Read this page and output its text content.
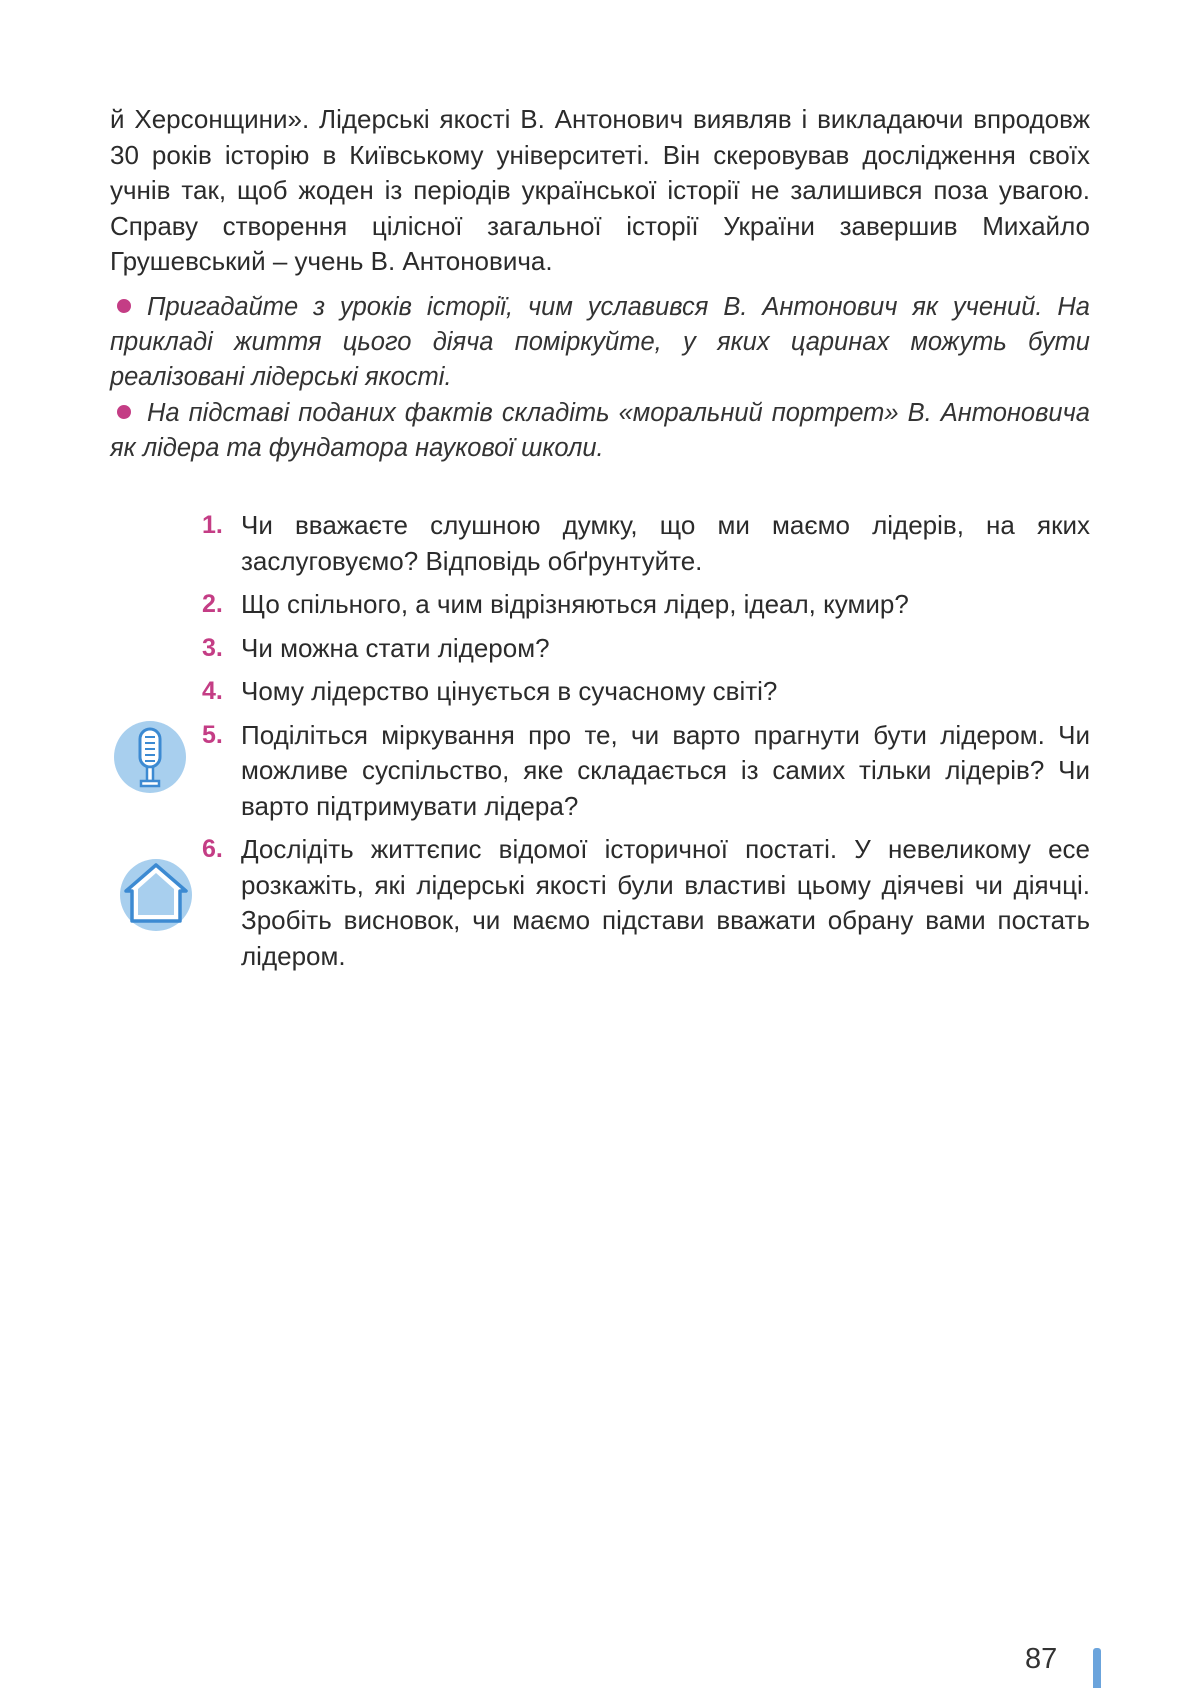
й Херсонщини». Лідерські якості В. Антонович виявляв і викладаючи впродовж 30 років історію в Київському університеті. Він скеровував дослідження своїх учнів так, щоб жоден із періодів української історії не залишився поза увагою. Справу створення цілісної загальної історії України завершив Михайло Грушевський – учень В. Антоновича.

Пригадайте з уроків історії, чим уславився В. Антонович як учений. На прикладі життя цього діяча поміркуйте, у яких царинах можуть бути реалізовані лідерські якості.

На підставі поданих фактів складіть «моральний портрет» В. Антоновича як лідера та фундатора наукової школи.

1. Чи вважаєте слушною думку, що ми маємо лідерів, на яких заслуговуємо? Відповідь обґрунтуйте.
2. Що спільного, а чим відрізняються лідер, ідеал, кумир?
3. Чи можна стати лідером?
4. Чому лідерство цінується в сучасному світі?
5. Поділіться міркування про те, чи варто прагнути бути лідером. Чи можливе суспільство, яке складається із самих тільки лідерів? Чи варто підтримувати лідера?
6. Дослідіть життєпис відомої історичної постаті. У невеликому есе розкажіть, які лідерські якості були властиві цьому діячеві чи діячці. Зробіть висновок, чи маємо підстави вважати обрану вами постать лідером.
87
